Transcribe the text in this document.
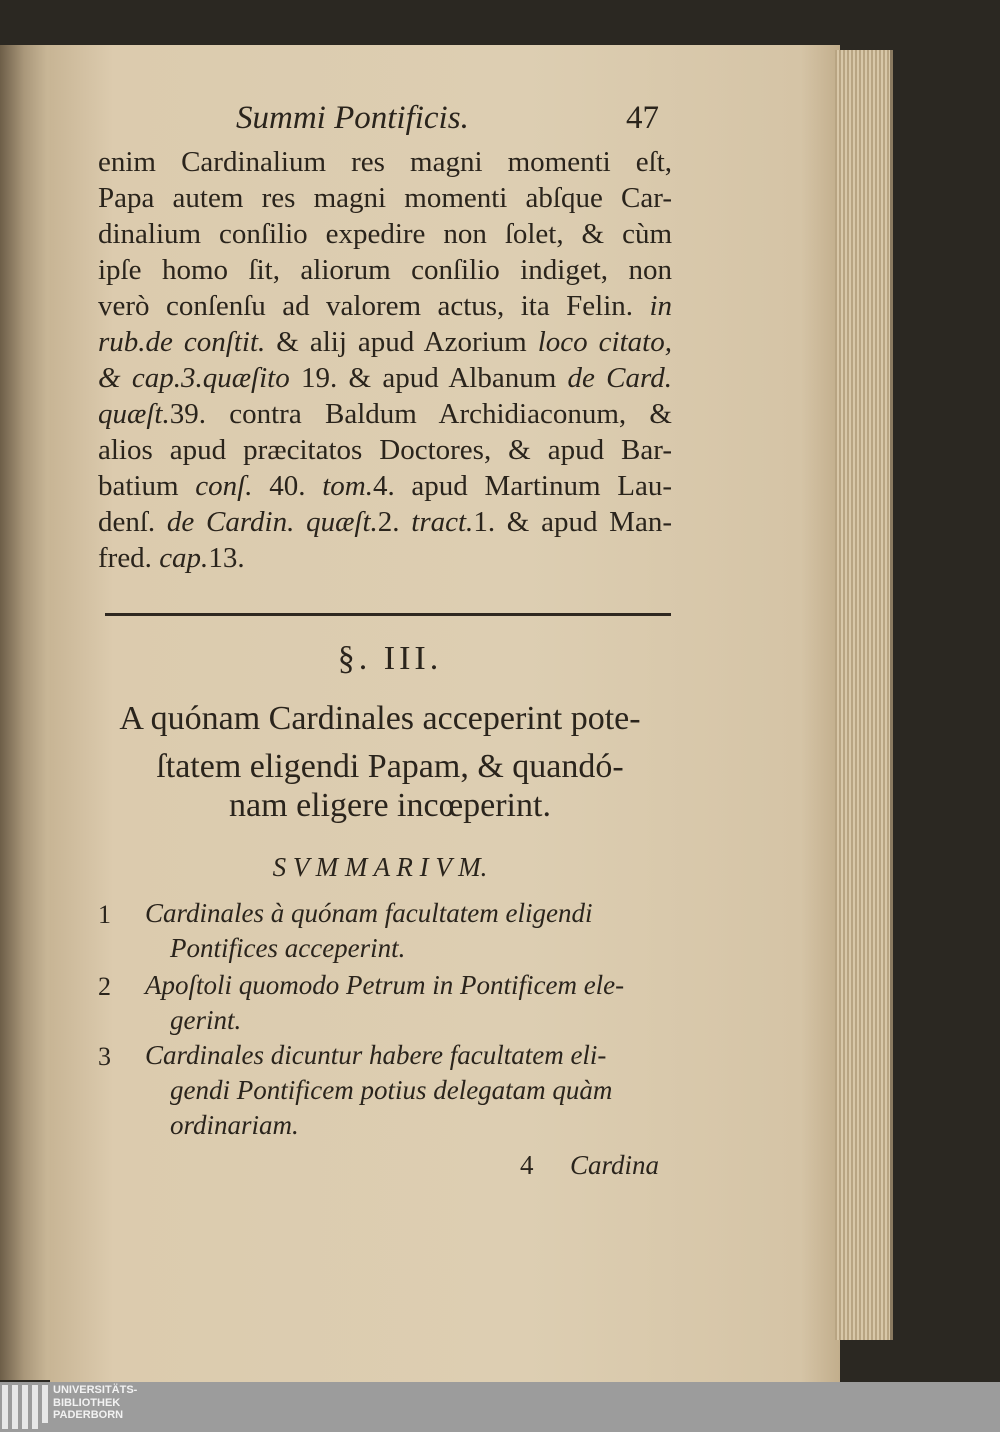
Summi Pontificis.	47
enim Cardinalium res magni momenti eſt,
Papa autem res magni momenti abſque Car-
dinalium conſilio expedire non ſolet, & cùm
ipſe homo ſit, aliorum conſilio indiget, non
verò conſenſu ad valorem actus, ita Felin. in
rub.de conſtit. & alij apud Azorium loco citato,
& cap.3.quæſito 19. & apud Albanum de Card.
quæſt.39. contra Baldum Archidiaconum, &
alios apud præcitatos Doctores, & apud Bar-
batium conſ. 40. tom.4. apud Martinum Lau-
denſ. de Cardin. quæſt.2. tract.1. & apud Man-
fred. cap.13.
§. III.
A quónam Cardinales acceperint pote-
ſtatem eligendi Papam, & quandó-
nam eligere incœperint.
S V M M A R I V M.
1 Cardinales à quónam facultatem eligendi
Pontifices acceperint.
2 Apoſtoli quomodo Petrum in Pontificem ele-
gerint.
3 Cardinales dicuntur habere facultatem eli-
gendi Pontificem potius delegatam quàm
ordinariam.
4 Cardina
UNIVERSITÄTS-
BIBLIOTHEK
PADERBORN
